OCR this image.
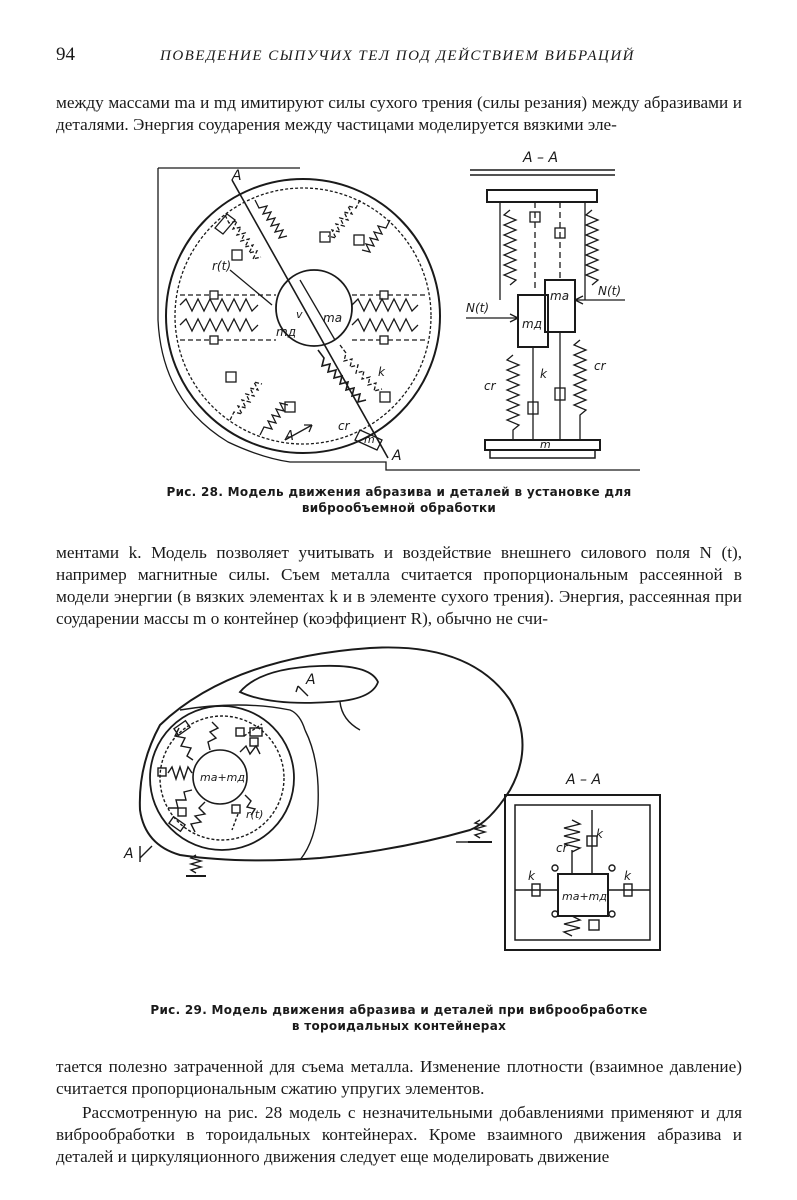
94	ПОВЕДЕНИЕ СЫПУЧИХ ТЕЛ ПОД ДЕЙСТВИЕМ ВИБРАЦИЙ

между массами mа и mд имитируют силы сухого трения (силы резания) между абразивами и деталями. Энергия соударения между частицами моделируется вязкими эле-

A
A
A
r(t)
ma
mд
v
k
cr
m
A – A
N(t)
N(t)
ma
mд
k
cr
cr
m
Рис. 28. Модель движения абразива и деталей в установке для
виброобъемной обработки

ментами k. Модель позволяет учитывать и воздействие внешнего силового поля N (t), например магнитные силы. Съем металла считается пропорциональным рассеянной в модели энергии (в вязких элементах k и в элементе сухого трения). Энергия, рассеянная при соударении массы m о контейнер (коэффициент R), обычно не счи-

A
A
ma+mд
r(t)
A – A
k
cr
k	k
ma+mд
Рис. 29. Модель движения абразива и деталей при виброобработке
в тороидальных контейнерах

тается полезно затраченной для съема металла. Изменение плотности (взаимное давление) считается пропорциональным сжатию упругих элементов.

Рассмотренную на рис. 28 модель с незначительными добавлениями применяют и для виброобработки в тороидальных контейнерах. Кроме взаимного движения абразива и деталей и циркуляционного движения следует еще моделировать движение
